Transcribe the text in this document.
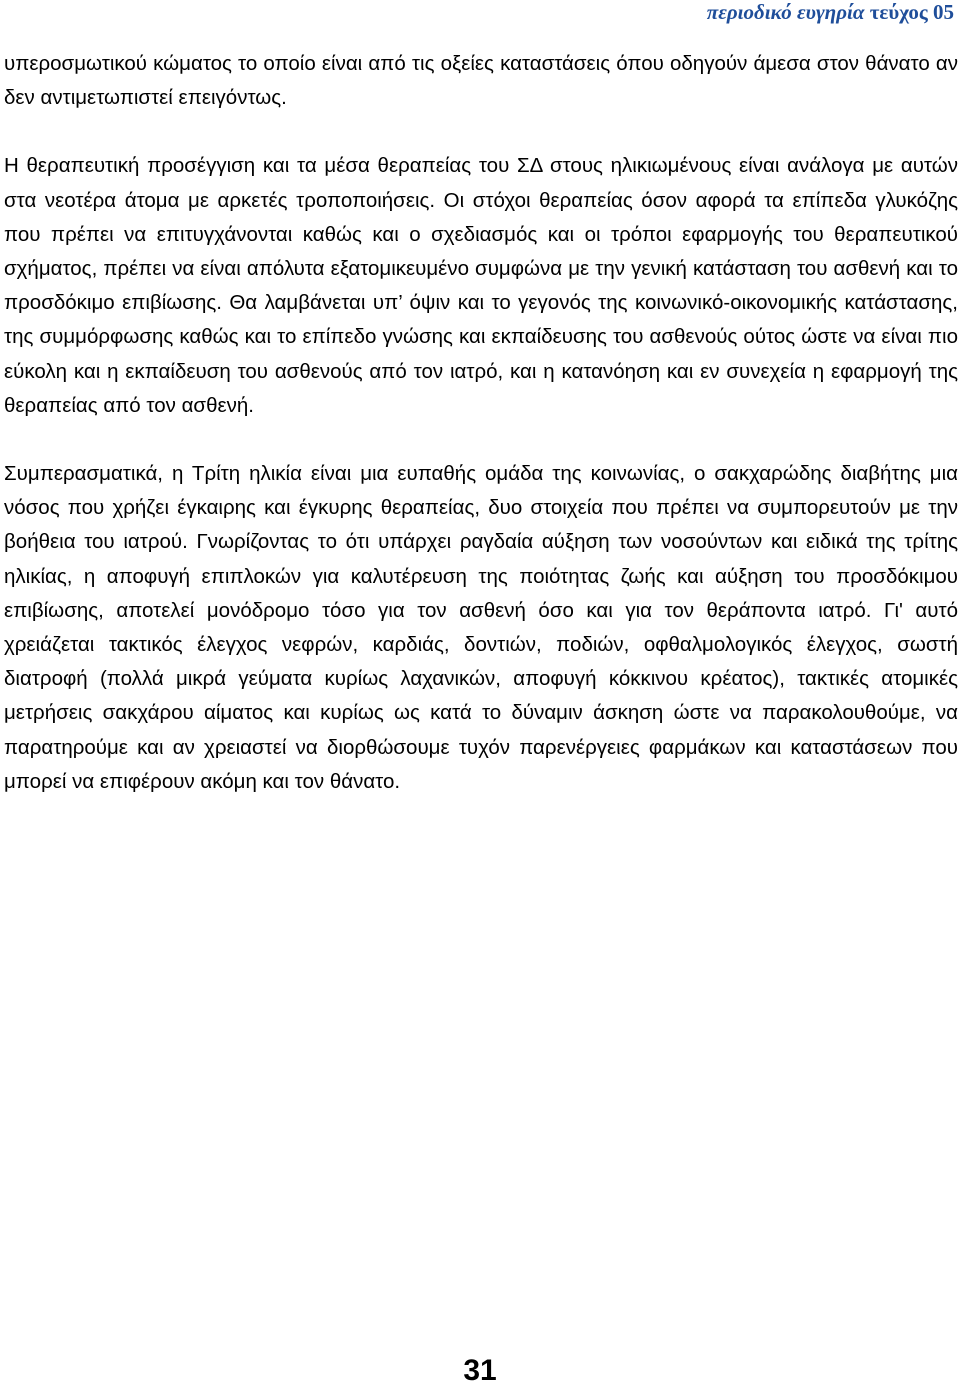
περιοδικό ευγηρία τεύχος 05

υπεροσμωτικού κώματος το οποίο είναι από τις οξείες καταστάσεις όπου οδηγούν άμεσα στον θάνατο αν δεν αντιμετωπιστεί επειγόντως.

Η θεραπευτική προσέγγιση και τα μέσα θεραπείας του ΣΔ στους ηλικιωμένους είναι ανάλογα με αυτών στα νεοτέρα άτομα με αρκετές τροποποιήσεις. Οι στόχοι θεραπείας όσον αφορά τα επίπεδα γλυκόζης που πρέπει να επιτυγχάνονται καθώς και ο σχεδιασμός και οι τρόποι εφαρμογής του θεραπευτικού σχήματος, πρέπει να είναι απόλυτα εξατομικευμένο συμφώνα με την γενική κατάσταση του ασθενή και το προσδόκιμο επιβίωσης. Θα λαμβάνεται υπ’ όψιν και το γεγονός της κοινωνικό-οικονομικής κατάστασης, της συμμόρφωσης καθώς και το επίπεδο γνώσης και εκπαίδευσης του ασθενούς ούτος ώστε να είναι πιο εύκολη και η εκπαίδευση του ασθενούς από τον ιατρό, και η κατανόηση και εν συνεχεία η εφαρμογή της θεραπείας από τον ασθενή.

Συμπερασματικά, η Τρίτη ηλικία είναι μια ευπαθής ομάδα της κοινωνίας, ο σακχαρώδης διαβήτης μια νόσος που χρήζει έγκαιρης και έγκυρης θεραπείας, δυο στοιχεία που πρέπει να συμπορευτούν με την βοήθεια του ιατρού. Γνωρίζοντας το ότι υπάρχει ραγδαία αύξηση των νοσούντων και ειδικά της τρίτης ηλικίας, η αποφυγή επιπλοκών για καλυτέρευση της ποιότητας ζωής και αύξηση του προσδόκιμου επιβίωσης, αποτελεί μονόδρομο τόσο για τον ασθενή όσο και για τον θεράποντα ιατρό. Γι' αυτό χρειάζεται τακτικός έλεγχος νεφρών, καρδιάς, δοντιών, ποδιών, οφθαλμολογικός έλεγχος, σωστή διατροφή (πολλά μικρά γεύματα κυρίως λαχανικών, αποφυγή κόκκινου κρέατος), τακτικές ατομικές μετρήσεις σακχάρου αίματος και κυρίως ως κατά το δύναμιν άσκηση ώστε να παρακολουθούμε, να παρατηρούμε και αν χρειαστεί να διορθώσουμε τυχόν παρενέργειες φαρμάκων και καταστάσεων που μπορεί να επιφέρουν ακόμη και τον θάνατο.

31
